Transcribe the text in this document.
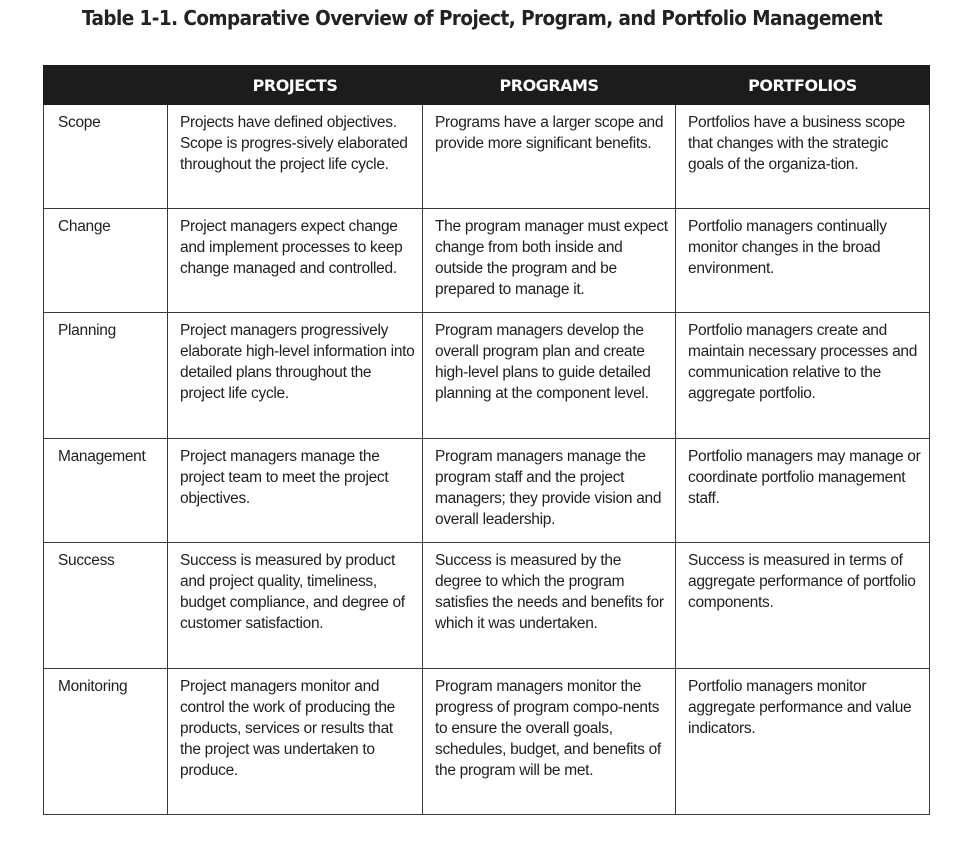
Table 1-1. Comparative Overview of Project, Program, and Portfolio Management
	PROJECTS	PROGRAMS	PORTFOLIOS
Scope	Projects have defined objectives. Scope is progres-sively elaborated throughout the project life cycle.	Programs have a larger scope and provide more significant benefits.	Portfolios have a business scope that changes with the strategic goals of the organiza-tion.
Change	Project managers expect change and implement processes to keep change managed and controlled.	The program manager must expect change from both inside and outside the program and be prepared to manage it.	Portfolio managers continually monitor changes in the broad environment.
Planning	Project managers progressively elaborate high-level information into detailed plans throughout the project life cycle.	Program managers develop the overall program plan and create high-level plans to guide detailed planning at the component level.	Portfolio managers create and maintain necessary processes and communication relative to the aggregate portfolio.
Management	Project managers manage the project team to meet the project objectives.	Program managers manage the program staff and the project managers; they provide vision and overall leadership.	Portfolio managers may manage or coordinate portfolio management staff.
Success	Success is measured by product and project quality, timeliness, budget compliance, and degree of customer satisfaction.	Success is measured by the degree to which the program satisfies the needs and benefits for which it was undertaken.	Success is measured in terms of aggregate performance of portfolio components.
Monitoring	Project managers monitor and control the work of producing the products, services or results that the project was undertaken to produce.	Program managers monitor the progress of program compo-nents to ensure the overall goals, schedules, budget, and benefits of the program will be met.	Portfolio managers monitor aggregate performance and value indicators.
